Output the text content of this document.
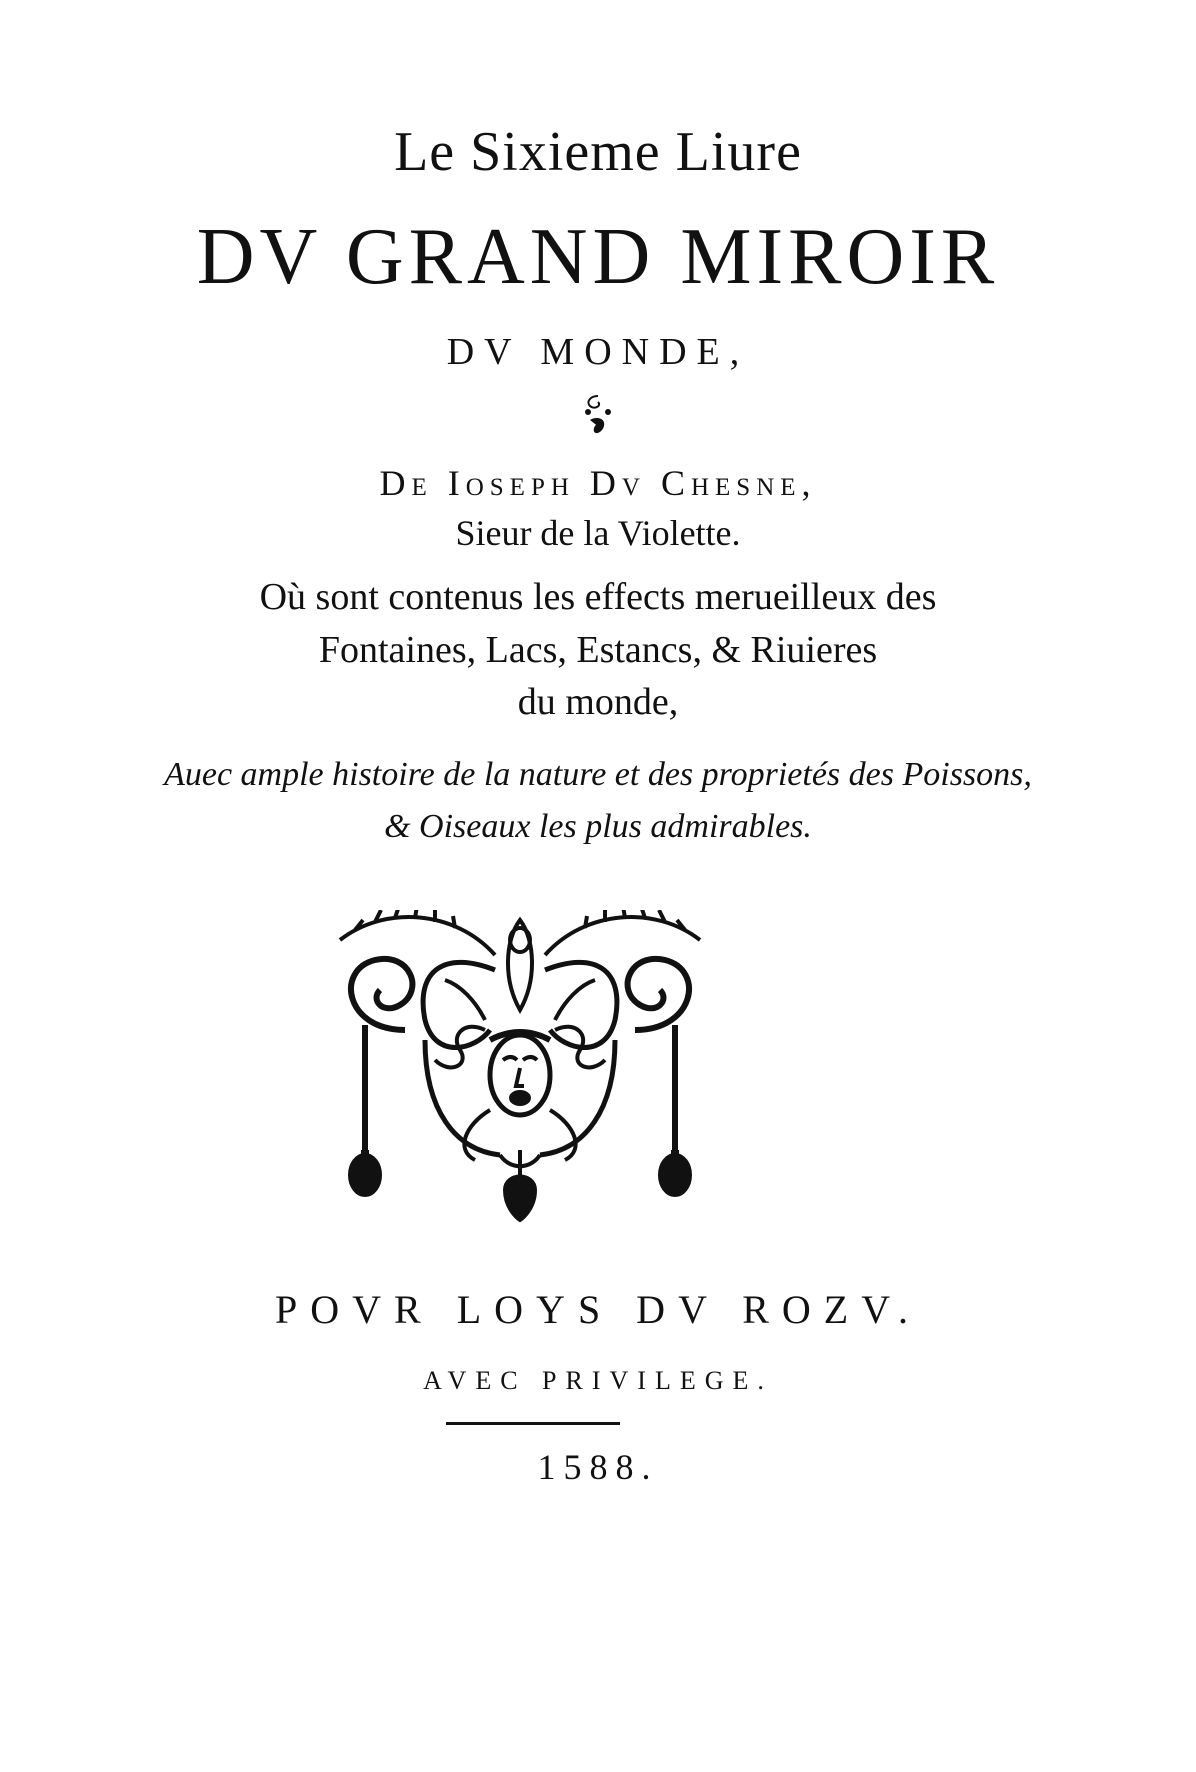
Le Sixieme Liure
DV GRAND MIROIR
DV MONDE,
De Ioseph Dv Chesne,
Sieur de la Violette.
Où sont contenus les effects merueilleux des
Fontaines, Lacs, Estancs, & Riuieres
du monde,
Auec ample histoire de la nature et des proprietés des Poissons,
& Oiseaux les plus admirables.
POVR LOYS DV ROZV.
AVEC PRIVILEGE.
1588.
